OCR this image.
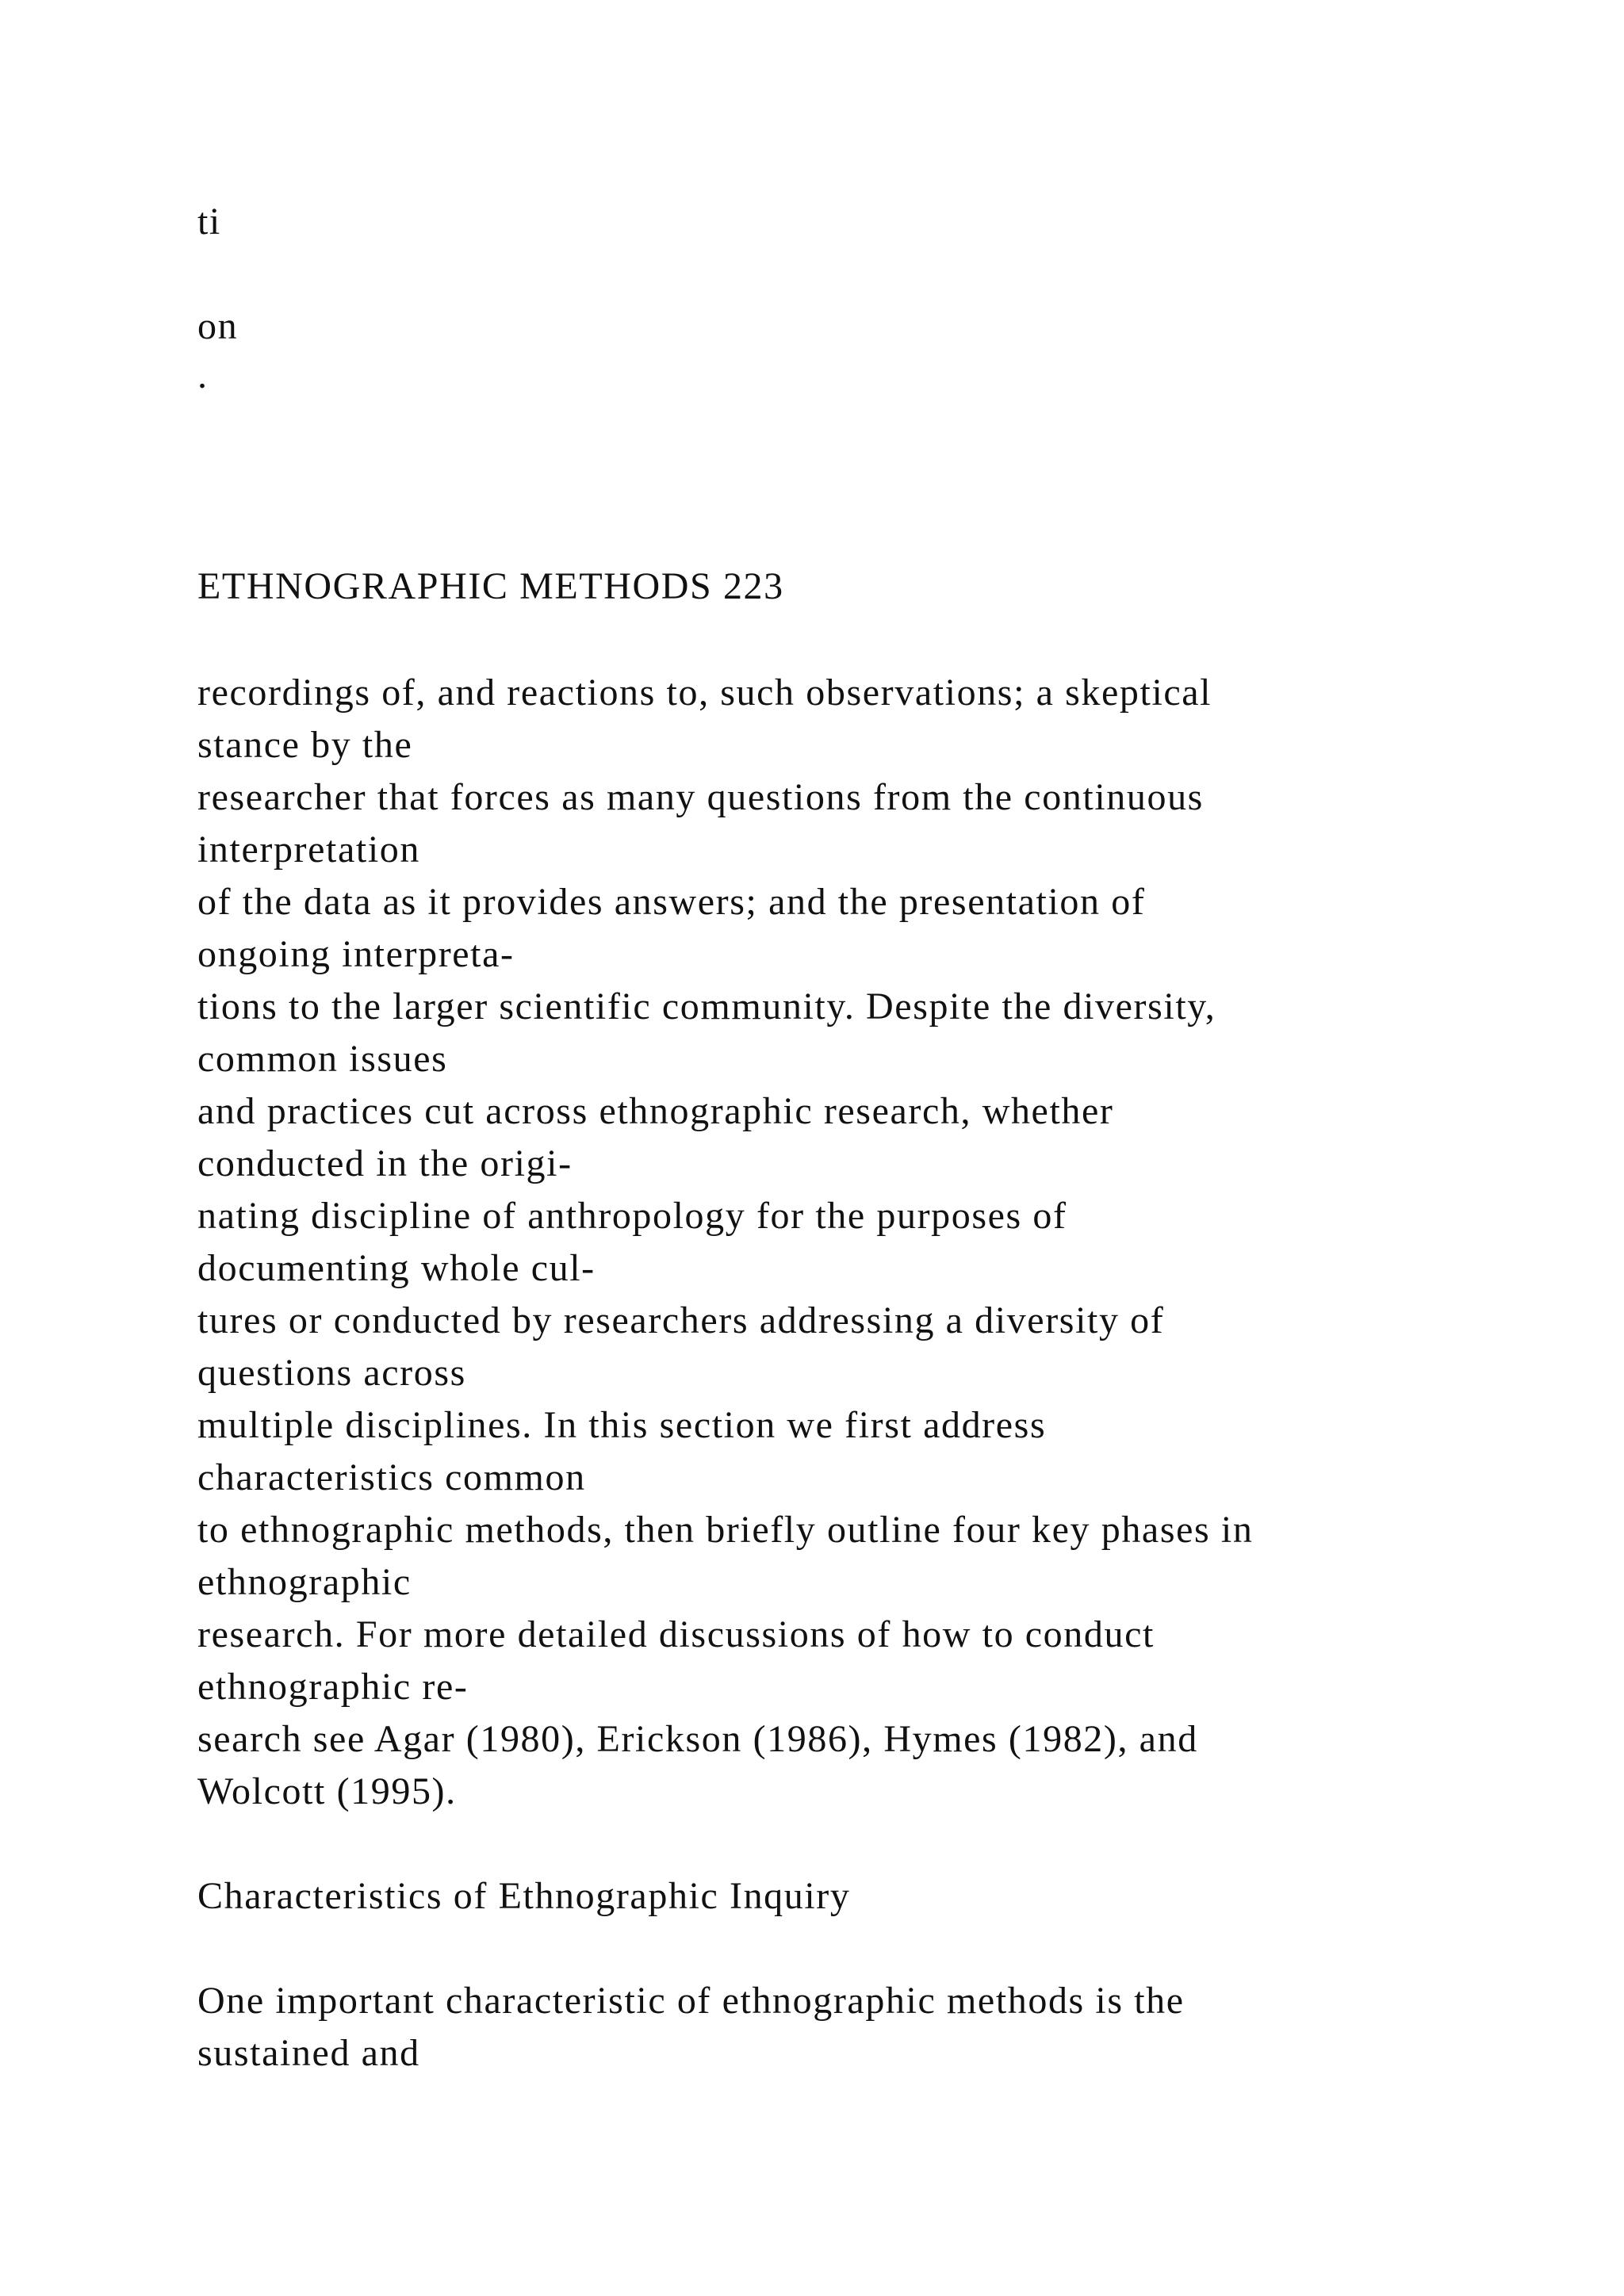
ti

on

.

ETHNOGRAPHIC METHODS 223

recordings of, and reactions to, such observations; a skeptical

stance by the

researcher that forces as many questions from the continuous

interpretation

of the data as it provides answers; and the presentation of

ongoing interpreta-

tions to the larger scientific community. Despite the diversity,

common issues

and practices cut across ethnographic research, whether

conducted in the origi-

nating discipline of anthropology for the purposes of

documenting whole cul-

tures or conducted by researchers addressing a diversity of

questions across

multiple disciplines. In this section we first address

characteristics common

to ethnographic methods, then briefly outline four key phases in

ethnographic

research. For more detailed discussions of how to conduct

ethnographic re-

search see Agar (1980), Erickson (1986), Hymes (1982), and

Wolcott (1995).

Characteristics of Ethnographic Inquiry

One important characteristic of ethnographic methods is the

sustained and
